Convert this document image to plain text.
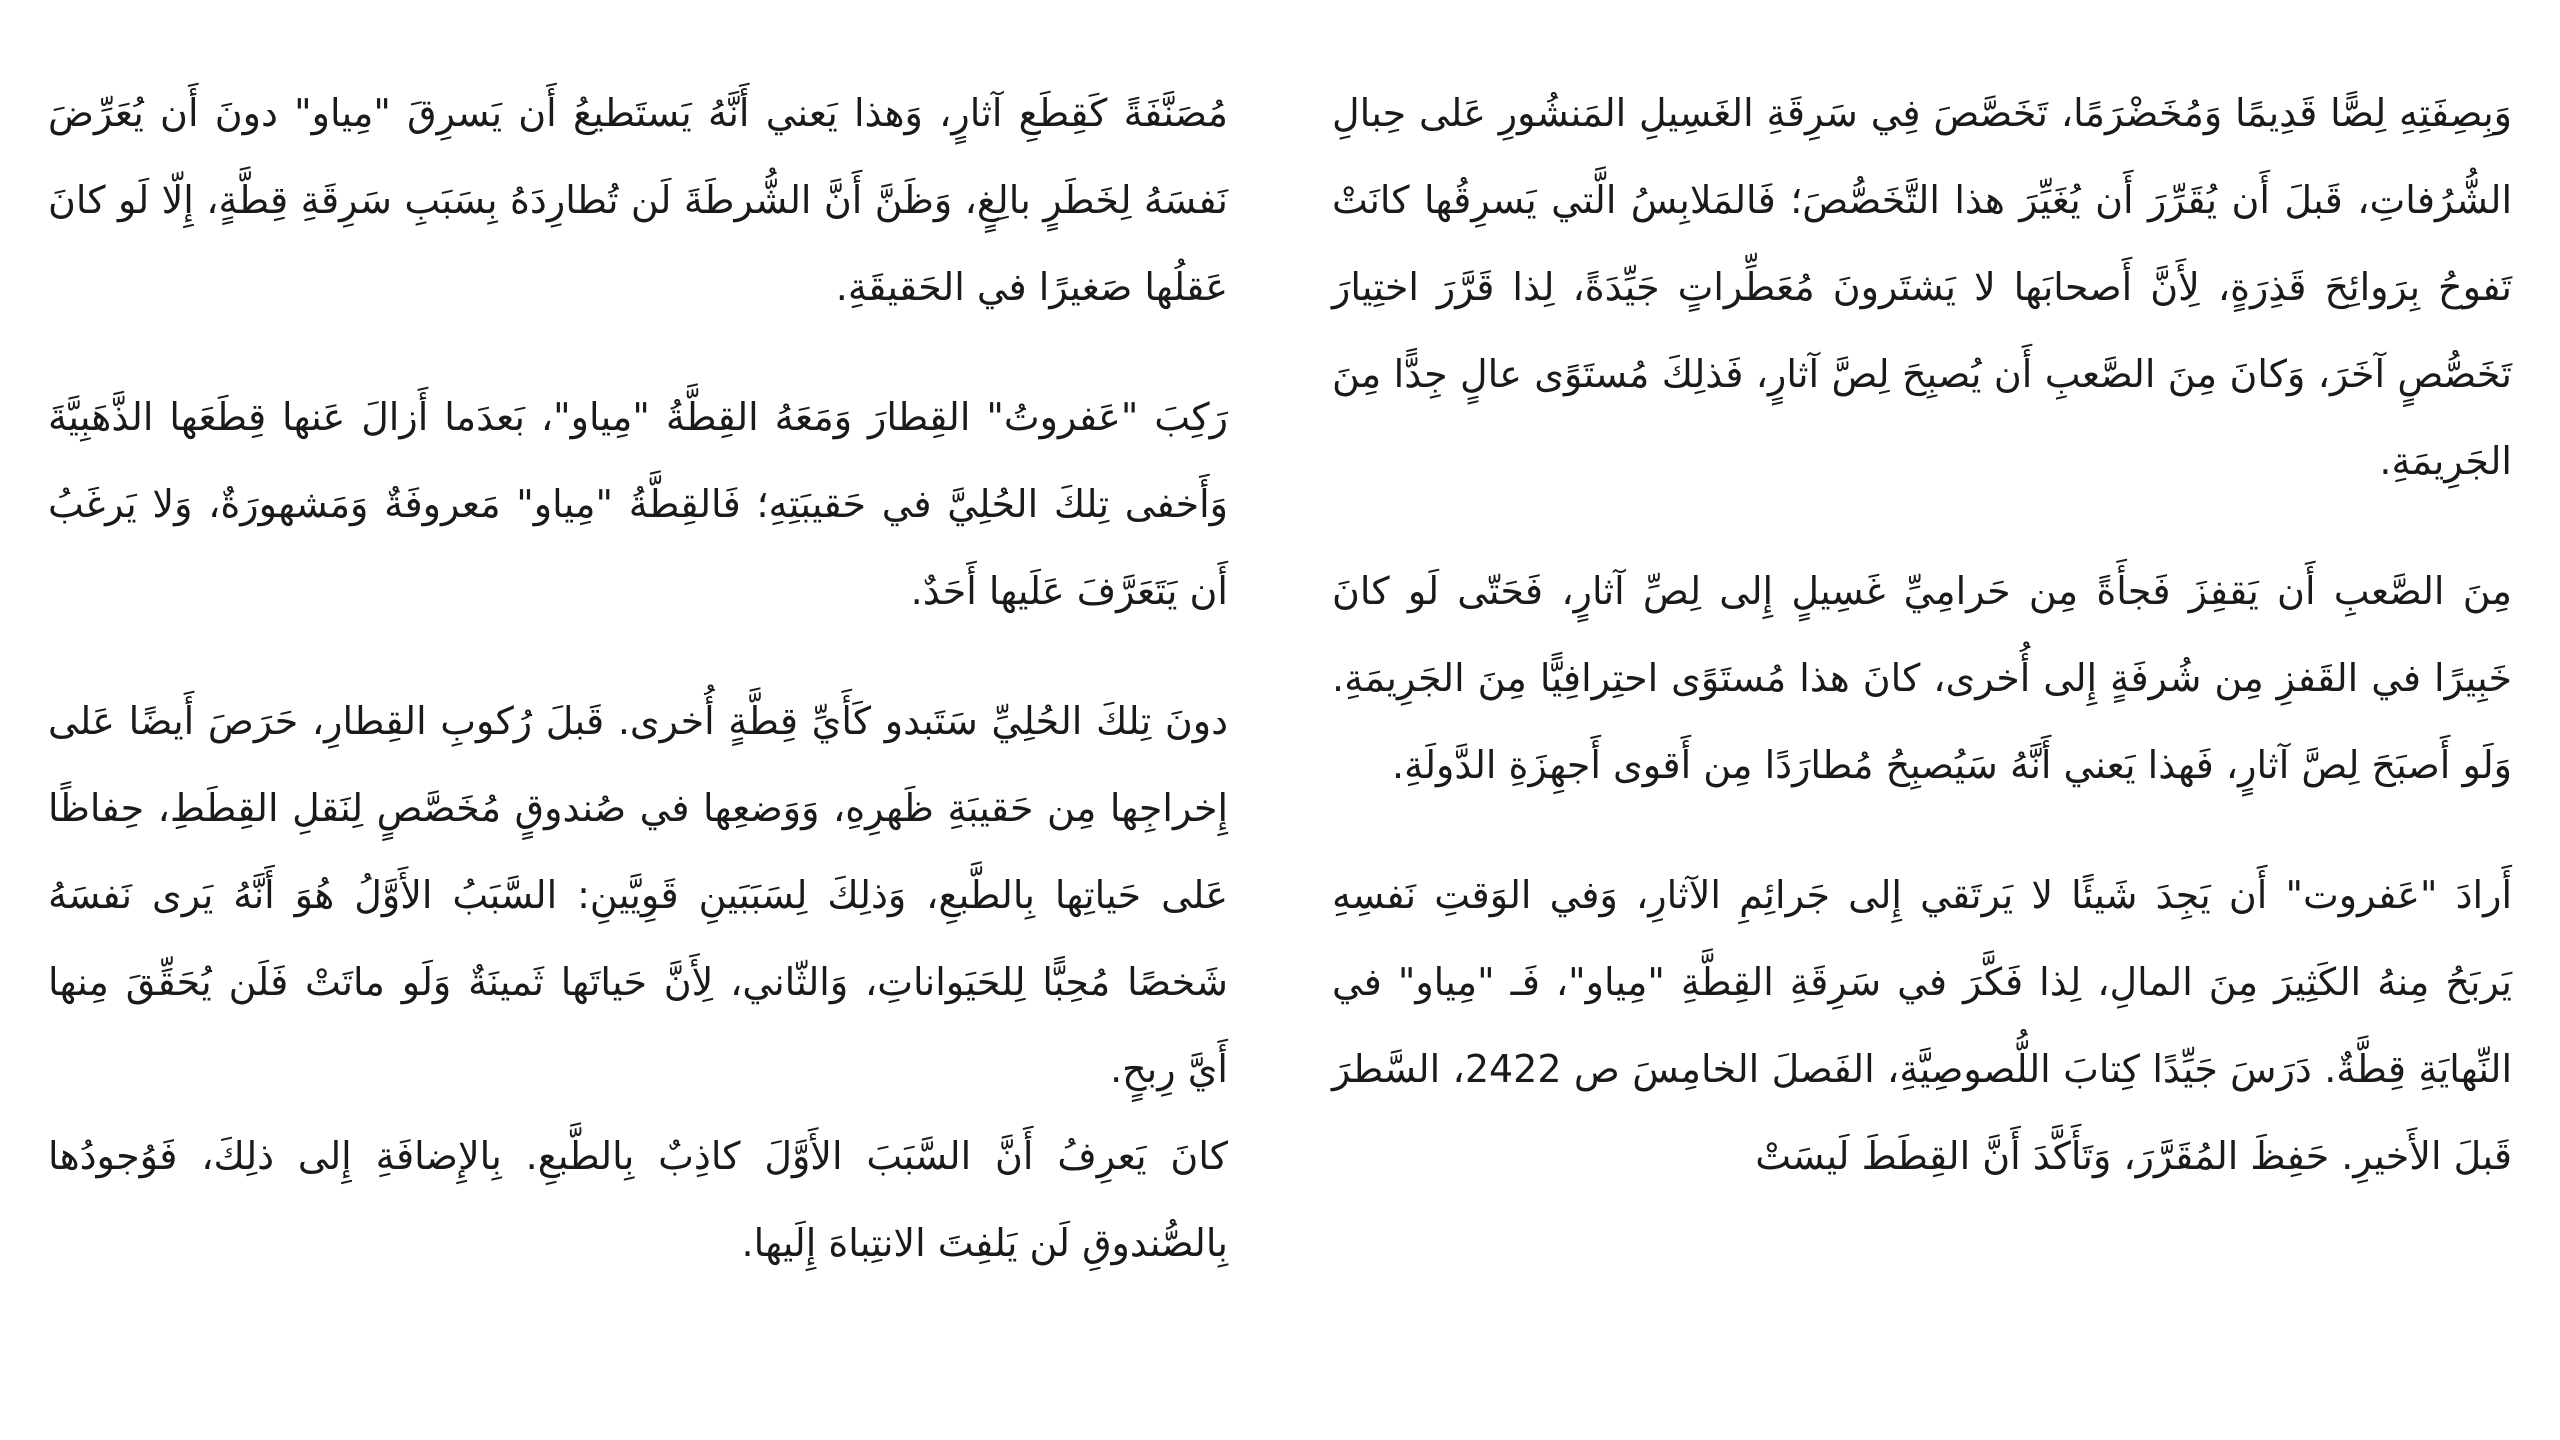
وَبِصِفَتِهِ لِصًّا قَدِيمًا وَمُخَضْرَمًا، تَخَصَّصَ فِي سَرِقَةِ الغَسِيلِ المَنشُورِ عَلى حِبالِ الشُّرُفاتِ، قَبلَ أَن يُقَرِّرَ أَن يُغَيِّرَ هذا التَّخَصُّصَ؛ فَالمَلابِسُ الَّتي يَسرِقُها كانَتْ تَفوحُ بِرَوائِحَ قَذِرَةٍ، لِأَنَّ أَصحابَها لا يَشتَرونَ مُعَطِّراتٍ جَيِّدَةً، لِذا قَرَّرَ اختِيارَ تَخَصُّصٍ آخَرَ، وَكانَ مِنَ الصَّعبِ أَن يُصبِحَ لِصَّ آثارٍ، فَذلِكَ مُستَوًى عالٍ جِدًّا مِنَ الجَرِيمَةِ.

مِنَ الصَّعبِ أَن يَقفِزَ فَجأَةً مِن حَرامِيِّ غَسِيلٍ إِلى لِصِّ آثارٍ، فَحَتّى لَو كانَ خَبِيرًا في القَفزِ مِن شُرفَةٍ إِلى أُخرى، كانَ هذا مُستَوًى احتِرافِيًّا مِنَ الجَرِيمَةِ. وَلَو أَصبَحَ لِصَّ آثارٍ، فَهذا يَعني أَنَّهُ سَيُصبِحُ مُطارَدًا مِن أَقوى أَجهِزَةِ الدَّولَةِ.

أَرادَ "عَفروت" أَن يَجِدَ شَيئًا لا يَرتَقي إِلى جَرائِمِ الآثارِ، وَفي الوَقتِ نَفسِهِ يَربَحُ مِنهُ الكَثِيرَ مِنَ المالِ، لِذا فَكَّرَ في سَرِقَةِ القِطَّةِ "مِياو"، فَـ "مِياو" في النِّهايَةِ قِطَّةٌ. دَرَسَ جَيِّدًا كِتابَ اللُّصوصِيَّةِ، الفَصلَ الخامِسَ ص 2422، السَّطرَ قَبلَ الأَخيرِ. حَفِظَ المُقَرَّرَ، وَتَأَكَّدَ أَنَّ القِطَطَ لَيسَتْ

مُصَنَّفَةً كَقِطَعِ آثارٍ، وَهذا يَعني أَنَّهُ يَستَطيعُ أَن يَسرِقَ "مِياو" دونَ أَن يُعَرِّضَ نَفسَهُ لِخَطَرٍ بالِغٍ، وَظَنَّ أَنَّ الشُّرطَةَ لَن تُطارِدَهُ بِسَبَبِ سَرِقَةِ قِطَّةٍ، إِلّا لَو كانَ عَقلُها صَغيرًا في الحَقيقَةِ.

رَكِبَ "عَفروتُ" القِطارَ وَمَعَهُ القِطَّةُ "مِياو"، بَعدَما أَزالَ عَنها قِطَعَها الذَّهَبِيَّةَ وَأَخفى تِلكَ الحُلِيَّ في حَقيبَتِهِ؛ فَالقِطَّةُ "مِياو" مَعروفَةٌ وَمَشهورَةٌ، وَلا يَرغَبُ أَن يَتَعَرَّفَ عَلَيها أَحَدٌ.

دونَ تِلكَ الحُلِيِّ سَتَبدو كَأَيِّ قِطَّةٍ أُخرى. قَبلَ رُكوبِ القِطارِ، حَرَصَ أَيضًا عَلى إِخراجِها مِن حَقيبَةِ ظَهرِهِ، وَوَضعِها في صُندوقٍ مُخَصَّصٍ لِنَقلِ القِطَطِ، حِفاظًا عَلى حَياتِها بِالطَّبعِ، وَذلِكَ لِسَبَبَينِ قَوِيَّينِ: السَّبَبُ الأَوَّلُ هُوَ أَنَّهُ يَرى نَفسَهُ شَخصًا مُحِبًّا لِلحَيَواناتِ، وَالثّاني، لِأَنَّ حَياتَها ثَمينَةٌ وَلَو ماتَتْ فَلَن يُحَقِّقَ مِنها أَيَّ رِبحٍ.

كانَ يَعرِفُ أَنَّ السَّبَبَ الأَوَّلَ كاذِبٌ بِالطَّبعِ. بِالإِضافَةِ إِلى ذلِكَ، فَوُجودُها بِالصُّندوقِ لَن يَلفِتَ الانتِباهَ إِلَيها.
